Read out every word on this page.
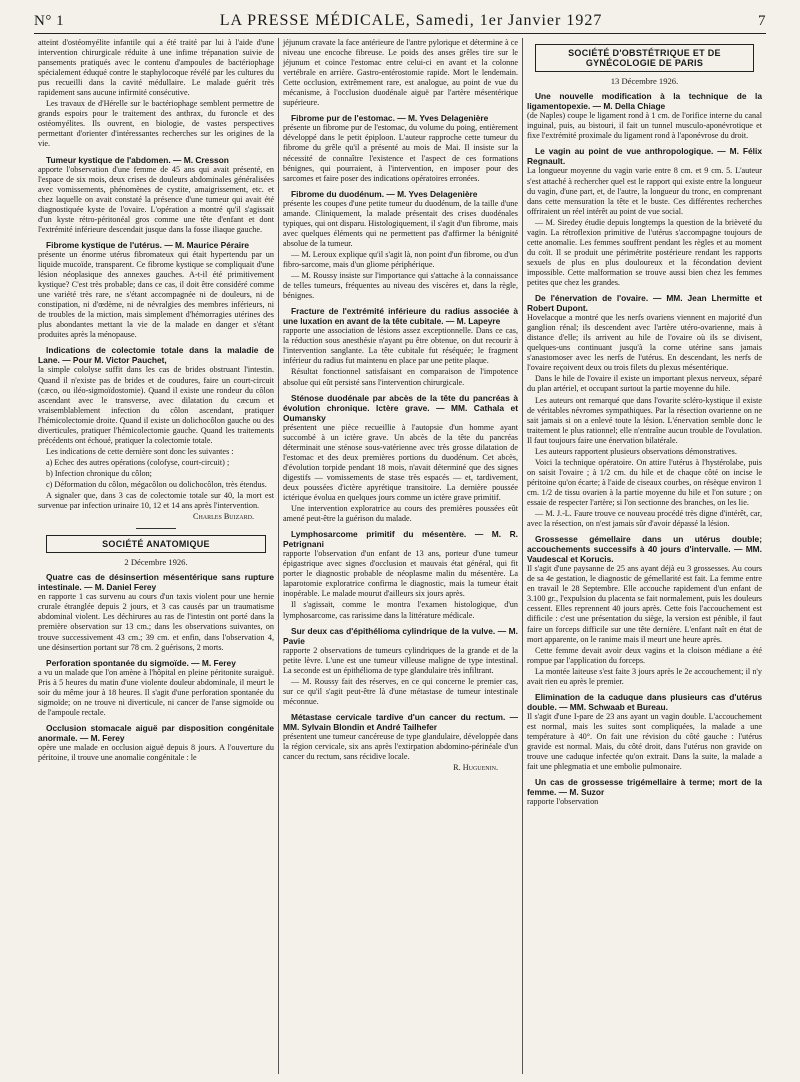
N° 1	LA PRESSE MÉDICALE, Samedi, 1er Janvier 1927	7

atteint d'ostéomyélite infantile qui a été traité par lui à l'aide d'une intervention chirurgicale réduite à une infime trépanation suivie de pansements pratiqués avec le contenu d'ampoules de bactériophage spécialement éduqué contre le staphylocoque révélé par les cultures du pus recueilli dans la cavité médullaire. Le malade guérit très rapidement sans aucune infirmité consécutive.

Les travaux de d'Hérelle sur le bactériophage semblent permettre de grands espoirs pour le traitement des anthrax, du furoncle et des ostéomyélites. Ils ouvrent, en biologie, de vastes perspectives permettant d'orienter d'intéressantes recherches sur les origines de la vie.

Tumeur kystique de l'abdomen. — M. Cresson

apporte l'observation d'une femme de 45 ans qui avait présenté, en l'espace de six mois, deux crises de douleurs abdominales généralisées avec vomissements, phénomènes de cystite, amaigrissement, etc. et chez laquelle on avait constaté la présence d'une tumeur qui avait été diagnostiquée kyste de l'ovaire. L'opération a montré qu'il s'agissait d'un kyste rétro-péritonéal gros comme une tête d'enfant et dont l'extrémité inférieure descendait jusque dans la fosse iliaque gauche.

Fibrome kystique de l'utérus. — M. Maurice Péraire

présente un énorme utérus fibromateux qui était hypertendu par un liquide mucoïde, transparent. Ce fibrome kystique se compliquait d'une lésion néoplasique des annexes gauches. A-t-il été primitivement kystique? C'est très probable; dans ce cas, il doit être considéré comme une variété très rare, ne s'étant accompagnée ni de douleurs, ni de constipation, ni d'œdème, ni de névralgies des membres inférieurs, ni de troubles de la miction, mais simplement d'hémorragies utérines des plus abondantes mettant la vie de la malade en danger et s'étant produites après la ménopause.

Indications de colectomie totale dans la maladie de Lane. — Pour M. Victor Pauchet,

la simple cololyse suffit dans les cas de brides obstruant l'intestin. Quand il n'existe pas de brides et de coudures, faire un court-circuit (cæco, ou iléo-sigmoïdostomie). Quand il existe une rondeur du côlon ascendant avec le transverse, avec dilatation du cæcum et vraisemblablement infection du côlon ascendant, pratiquer l'hémicolectomie droite. Quand il existe un dolichocôlon gauche ou des diverticules, pratiquer l'hémicolectomie gauche. Quand les traitements précédents ont échoué, pratiquer la colectomie totale.

Les indications de cette dernière sont donc les suivantes :

a) Echec des autres opérations (colofyse, court-circuit) ;

b) Infection chronique du côlon;

c) Déformation du côlon, mégacôlon ou dolichocôlon, très étendus.

A signaler que, dans 3 cas de colectomie totale sur 40, la mort est survenue par infection urinaire 10, 12 et 14 ans après l'intervention.

Charles Buizard.

SOCIÉTÉ ANATOMIQUE

2 Décembre 1926.

Quatre cas de désinsertion mésentérique sans rupture intestinale. — M. Daniel Ferey

en rapporte 1 cas survenu au cours d'un taxis violent pour une hernie crurale étranglée depuis 2 jours, et 3 cas causés par un traumatisme abdominal violent. Les déchirures au ras de l'intestin ont porté dans la première observation sur 13 cm.; dans les observations suivantes, on trouve successivement 43 cm.; 39 cm. et enfin, dans l'observation 4, une désinsertion portant sur 78 cm. 2 guérisons, 2 morts.

Perforation spontanée du sigmoïde. — M. Ferey

a vu un malade que l'on amène à l'hôpital en pleine péritonite suraiguë. Pris à 5 heures du matin d'une violente douleur abdominale, il meurt le soir du même jour à 18 heures. Il s'agit d'une perforation spontanée du sigmoïde; on ne trouve ni diverticule, ni cancer de l'anse sigmoïde ou de l'ampoule rectale.

Occlusion stomacale aiguë par disposition congénitale anormale. — M. Ferey

opère une malade en occlusion aiguë depuis 8 jours. A l'ouverture du péritoine, il trouve une anomalie congénitale : le

jéjunum cravate la face antérieure de l'antre pylorique et détermine à ce niveau une encoche fibreuse. Le poids des anses grêles tire sur le jéjunum et coince l'estomac entre celui-ci en avant et la colonne vertébrale en arrière. Gastro-entérostomie rapide. Mort le lendemain. Cette occlusion, extrêmement rare, est analogue, au point de vue du mécanisme, à l'occlusion duodénale aiguë par l'artère mésentérique supérieure.

Fibrome pur de l'estomac. — M. Yves Delagenière

présente un fibrome pur de l'estomac, du volume du poing, entièrement développé dans le petit épiploon. L'auteur rapproche cette tumeur du fibrome du grêle qu'il a présenté au mois de Mai. Il insiste sur la nécessité de connaître l'existence et l'aspect de ces formations bénignes, qui pourraient, à l'intervention, en imposer pour des sarcomes et faire poser des indications opératoires erronées.

Fibrome du duodénum. — M. Yves Delagenière

présente les coupes d'une petite tumeur du duodénum, de la taille d'une amande. Cliniquement, la malade présentait des crises duodénales typiques, qui ont disparu. Histologiquement, il s'agit d'un fibrome, mais avec quelques éléments qui ne permettent pas d'affirmer la bénignité absolue de la tumeur.

— M. Leroux explique qu'il s'agit là, non point d'un fibrome, ou d'un fibro-sarcome, mais d'un gliome périphérique.

— M. Roussy insiste sur l'importance qui s'attache à la connaissance de telles tumeurs, fréquentes au niveau des viscères et, dans la règle, bénignes.

Fracture de l'extrémité inférieure du radius associée à une luxation en avant de la tête cubitale. — M. Lapeyre

rapporte une association de lésions assez exceptionnelle. Dans ce cas, la réduction sous anesthésie n'ayant pu être obtenue, on dut recourir à l'intervention sanglante. La tête cubitale fut réséquée; le fragment inférieur du radius fut maintenu en place par une petite plaque.

Résultat fonctionnel satisfaisant en comparaison de l'impotence absolue qui eût persisté sans l'intervention chirurgicale.

Sténose duodénale par abcès de la tête du pancréas à évolution chronique. Ictère grave. — MM. Cathala et Oumansky

présentent une pièce recueillie à l'autopsie d'un homme ayant succombé à un ictère grave. Un abcès de la tête du pancréas déterminait une sténose sous-vatérienne avec très grosse dilatation de l'estomac et des deux premières portions du duodénum. Cet abcès, d'évolution torpide pendant 18 mois, n'avait déterminé que des signes digestifs — vomissements de stase très espacés — et, tardivement, deux poussées d'ictère apyrétique transitoire. La dernière poussée ictérique évolua en quelques jours comme un ictère grave primitif.

Une intervention exploratrice au cours des premières poussées eût amené peut-être la guérison du malade.

Lymphosarcome primitif du mésentère. — M. R. Petrignani

rapporte l'observation d'un enfant de 13 ans, porteur d'une tumeur épigastrique avec signes d'occlusion et mauvais état général, qui fit porter le diagnostic probable de néoplasme malin du mésentère. La laparotomie exploratrice confirma le diagnostic, mais la tumeur était inopérable. Le malade mourut d'ailleurs six jours après.

Il s'agissait, comme le montra l'examen histologique, d'un lymphosarcome, cas rarissime dans la littérature médicale.

Sur deux cas d'épithélioma cylindrique de la vulve. — M. Pavie

rapporte 2 observations de tumeurs cylindriques de la grande et de la petite lèvre. L'une est une tumeur villeuse maligne de type intestinal. La seconde est un épithélioma de type glandulaire très infiltrant.

— M. Roussy fait des réserves, en ce qui concerne le premier cas, sur ce qu'il s'agit peut-être là d'une métastase de tumeur intestinale méconnue.

Métastase cervicale tardive d'un cancer du rectum. — MM. Sylvain Blondin et André Tailhefer

présentent une tumeur cancéreuse de type glandulaire, développée dans la région cervicale, six ans après l'extirpation abdomino-périnéale d'un cancer du rectum, sans récidive locale.

R. Huguenin.

SOCIÉTÉ D'OBSTÉTRIQUE ET DE GYNÉCOLOGIE DE PARIS

13 Décembre 1926.

Une nouvelle modification à la technique de la ligamentopexie. — M. Della Chiage

(de Naples) coupe le ligament rond à 1 cm. de l'orifice interne du canal inguinal, puis, au bistouri, il fait un tunnel musculo-aponévrotique et fixe l'extrémité proximale du ligament rond à l'aponévrose du droit.

Le vagin au point de vue anthropologique. — M. Félix Regnault.

La longueur moyenne du vagin varie entre 8 cm. et 9 cm. 5. L'auteur s'est attaché à rechercher quel est le rapport qui existe entre la longueur du vagin, d'une part, et, de l'autre, la longueur du tronc, en comprenant dans cette mensuration la tête et le buste. Ces différentes recherches offriraient un réel intérêt au point de vue social.

— M. Siredey étudie depuis longtemps la question de la brièveté du vagin. La rétroflexion primitive de l'utérus s'accompagne toujours de cette anomalie. Les femmes souffrent pendant les règles et au moment du coït. Il se produit une périmétrite postérieure rendant les rapports sexuels de plus en plus douloureux et la fécondation devient impossible. Cette malformation se trouve aussi bien chez les femmes petites que chez les grandes.

De l'énervation de l'ovaire. — MM. Jean Lhermitte et Robert Dupont.

Hovelacque a montré que les nerfs ovariens viennent en majorité d'un ganglion rénal; ils descendent avec l'artère utéro-ovarienne, mais à distance d'elle; ils arrivent au hile de l'ovaire où ils se divisent, quelques-uns continuant jusqu'à la corne utérine sans jamais s'anastomoser avec les nerfs de l'utérus. En descendant, les nerfs de l'ovaire reçoivent deux ou trois filets du plexus mésentérique.

Dans le hile de l'ovaire il existe un important plexus nerveux, séparé du plan artériel, et occupant surtout la partie moyenne du hile.

Les auteurs ont remarqué que dans l'ovarite scléro-kystique il existe de véritables névromes sympathiques. Par la résection ovarienne on ne sait jamais si on a enlevé toute la lésion. L'énervation semble donc le traitement le plus rationnel; elle n'entraîne aucun trouble de l'ovulation. Il faut toujours faire une énervation bilatérale.

Les auteurs rapportent plusieurs observations démonstratives.

Voici la technique opératoire. On attire l'utérus à l'hystérolabe, puis on saisit l'ovaire ; à 1/2 cm. du hile et de chaque côté on incise le péritoine qu'on écarte; à l'aide de ciseaux courbes, on résèque environ 1 cm. 1/2 de tissu ovarien à la partie moyenne du hile et l'on suture ; on essaie de respecter l'artère; si l'on sectionne des branches, on les lie.

— M. J.-L. Faure trouve ce nouveau procédé très digne d'intérêt, car, avec la résection, on n'est jamais sûr d'avoir dépassé la lésion.

Grossesse gémellaire dans un utérus double; accouchements successifs à 40 jours d'intervalle. — MM. Vaudescal et Korucis.

Il s'agit d'une paysanne de 25 ans ayant déjà eu 3 grossesses. Au cours de sa 4e gestation, le diagnostic de gémellarité est fait. La femme entre en travail le 28 Septembre. Elle accouche rapidement d'un enfant de 3.100 gr., l'expulsion du placenta se fait normalement, puis les douleurs cessent. Elles reprennent 40 jours après. Cette fois l'accouchement est difficile : c'est une présentation du siège, la version est pénible, il faut faire un forceps difficile sur une tête dernière. L'enfant naît en état de mort apparente, on le ranime mais il meurt une heure après.

Cette femme devait avoir deux vagins et la cloison médiane a été rompue par l'application du forceps.

La montée laiteuse s'est faite 3 jours après le 2e accouchement; il n'y avait rien eu après le premier.

Elimination de la caduque dans plusieurs cas d'utérus double. — MM. Schwaab et Bureau.

Il s'agit d'une I-pare de 23 ans ayant un vagin double. L'accouchement est normal, mais les suites sont compliquées, la malade a une température à 40°. On fait une révision du côté gauche : l'utérus gravide est normal. Mais, du côté droit, dans l'utérus non gravide on trouve une caduque infectée qu'on extrait. Dans la suite, la malade a fait une phlegmatia et une embolie pulmonaire.

Un cas de grossesse trigémellaire à terme; mort de la femme. — M. Suzor

rapporte l'observation
